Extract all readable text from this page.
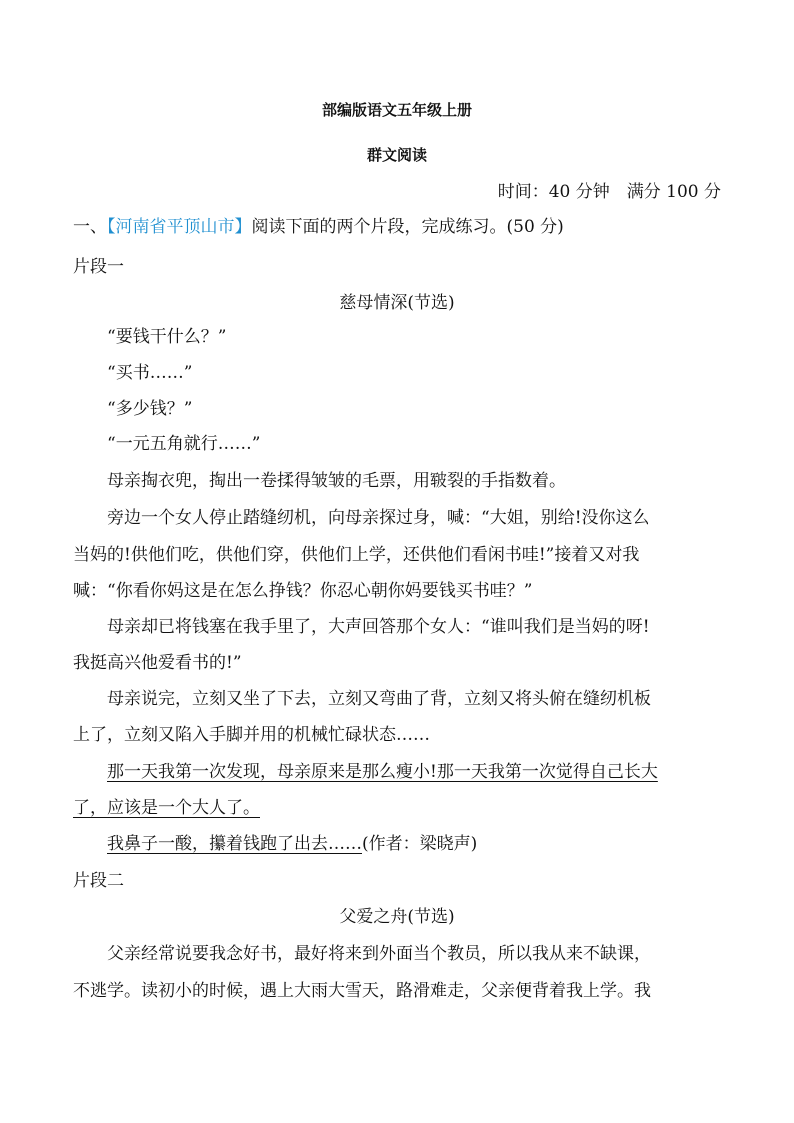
部编版语文五年级上册
群文阅读
时间：40 分钟　满分 100 分
一、【河南省平顶山市】阅读下面的两个片段，完成练习。(50 分)
片段一
慈母情深(节选)
“要钱干什么？”
“买书……”
“多少钱？”
“一元五角就行……”
母亲掏衣兜，掏出一卷揉得皱皱的毛票，用皲裂的手指数着。
旁边一个女人停止踏缝纫机，向母亲探过身，喊：“大姐，别给!没你这么
当妈的!供他们吃，供他们穿，供他们上学，还供他们看闲书哇!”接着又对我
喊：“你看你妈这是在怎么挣钱？你忍心朝你妈要钱买书哇？”
母亲却已将钱塞在我手里了，大声回答那个女人：“谁叫我们是当妈的呀!
我挺高兴他爱看书的!”
母亲说完，立刻又坐了下去，立刻又弯曲了背，立刻又将头俯在缝纫机板
上了，立刻又陷入手脚并用的机械忙碌状态……
那一天我第一次发现，母亲原来是那么瘦小!那一天我第一次觉得自己长大
了，应该是一个大人了。
我鼻子一酸，攥着钱跑了出去……(作者：梁晓声)
片段二
父爱之舟(节选)
父亲经常说要我念好书，最好将来到外面当个教员，所以我从来不缺课，
不逃学。读初小的时候，遇上大雨大雪天，路滑难走，父亲便背着我上学。我
